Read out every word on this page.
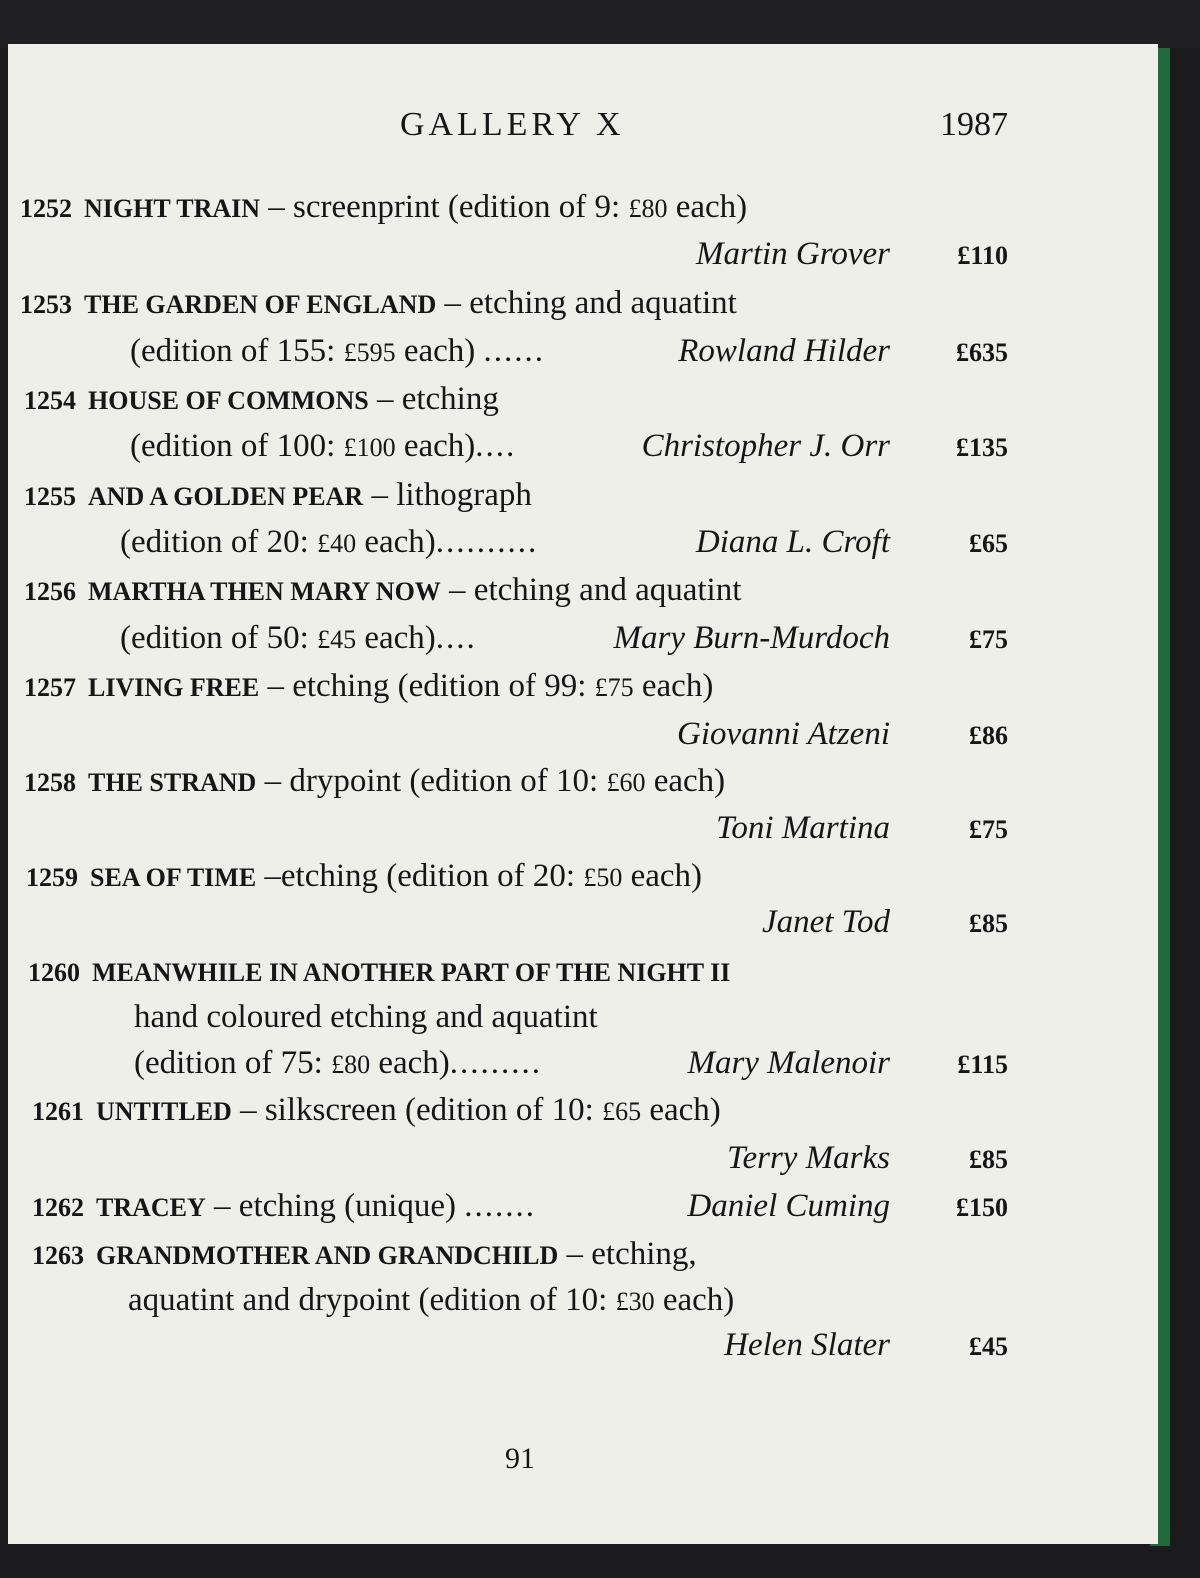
GALLERY X	1987
1252 NIGHT TRAIN – screenprint (edition of 9: £80 each)
Martin Grover	£110
1253 THE GARDEN OF ENGLAND – etching and aquatint
(edition of 155: £595 each) ......	Rowland Hilder	£635
1254 HOUSE OF COMMONS – etching
(edition of 100: £100 each)....	Christopher J. Orr	£135
1255 AND A GOLDEN PEAR – lithograph
(edition of 20: £40 each)..........	Diana L. Croft	£65
1256 MARTHA THEN MARY NOW – etching and aquatint
(edition of 50: £45 each)....	Mary Burn-Murdoch	£75
1257 LIVING FREE – etching (edition of 99: £75 each)
Giovanni Atzeni	£86
1258 THE STRAND – drypoint (edition of 10: £60 each)
Toni Martina	£75
1259 SEA OF TIME –etching (edition of 20: £50 each)
Janet Tod	£85
1260 MEANWHILE IN ANOTHER PART OF THE NIGHT II
hand coloured etching and aquatint
(edition of 75: £80 each).........	Mary Malenoir	£115
1261 UNTITLED – silkscreen (edition of 10: £65 each)
Terry Marks	£85
1262 TRACEY – etching (unique) .......	Daniel Cuming	£150
1263 GRANDMOTHER AND GRANDCHILD – etching,
aquatint and drypoint (edition of 10: £30 each)
Helen Slater	£45
91
